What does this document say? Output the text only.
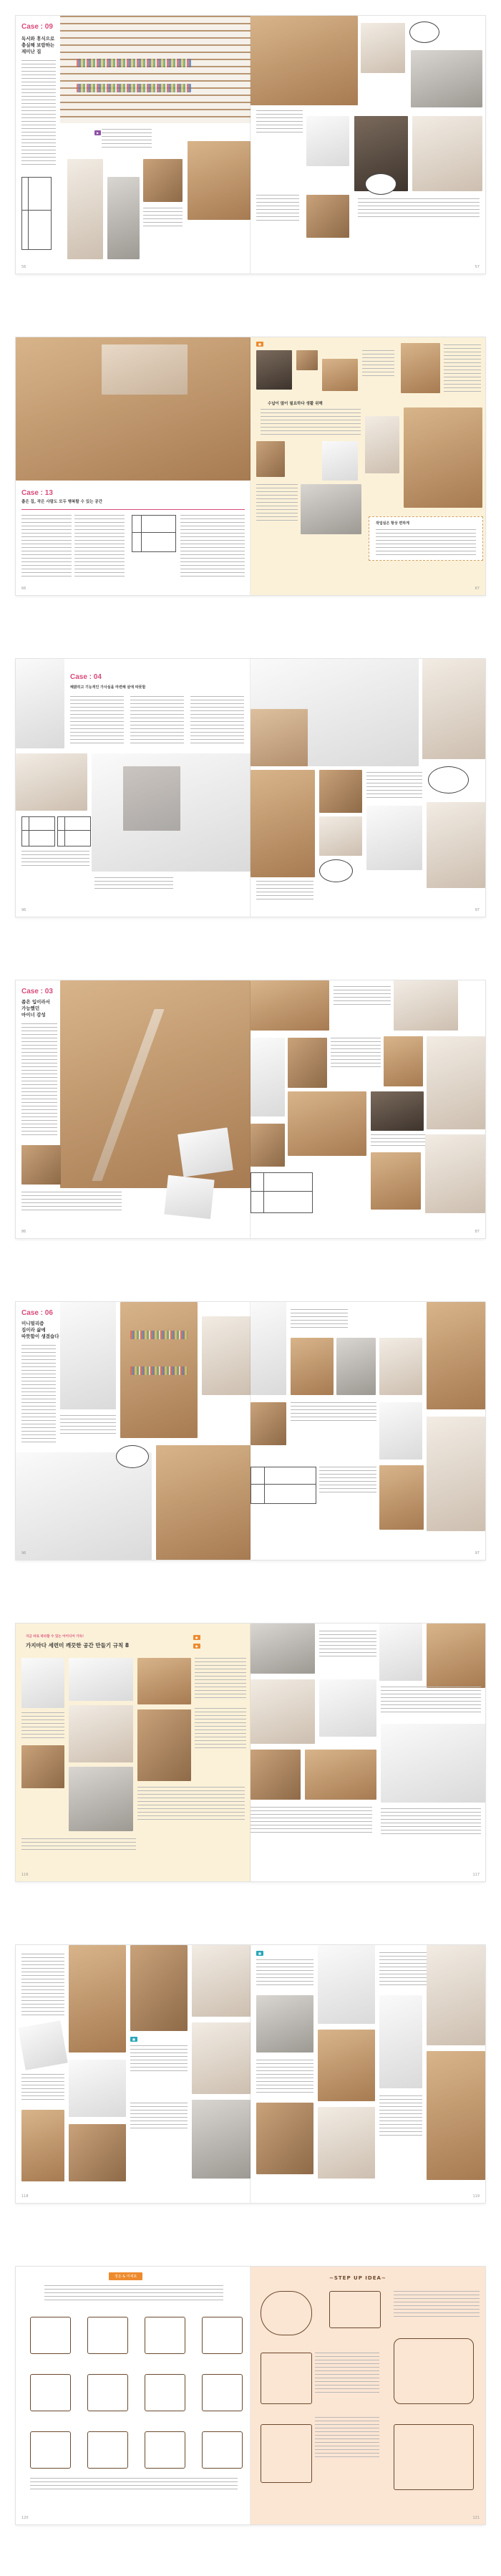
Case : 09
독서와 휴식으로
충실해 보람하는
재미난 집
▶
56	57
Case : 13
좁은 집, 작은 사람도 모두 행복할 수 있는 공간
66
■
수납이 많이 필요하다 생활 위해
작업실은 항상 편하게
67
Case : 04
해맑히고 기능적인 가사실을 마련해 살에 따뜻함
96	97
Case : 03
좁은 입이라서
가능했던
마이너 감성
86	87
Case : 06
미니멀리즘
집이라 삶에
따뜻함이 생겼습다
96	97
지금 바로 따라할 수 있는 아이디어 가득!
가지마다 세련미 깨끗한 공간 만들기 규칙 8
●
●
116	117
■
118
■
119
정돈 & 미세포
120
~STEP UP IDEA~
121
